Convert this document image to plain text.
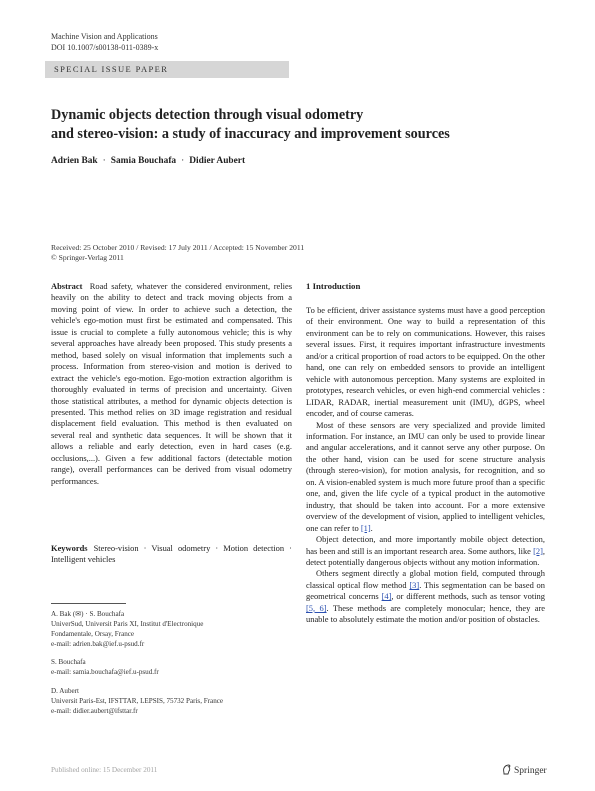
Machine Vision and Applications
DOI 10.1007/s00138-011-0389-x
SPECIAL ISSUE PAPER
Dynamic objects detection through visual odometry
and stereo-vision: a study of inaccuracy and improvement sources
Adrien Bak · Samia Bouchafa · Didier Aubert
Received: 25 October 2010 / Revised: 17 July 2011 / Accepted: 15 November 2011
© Springer-Verlag 2011

Abstract Road safety, whatever the considered environment, relies heavily on the ability to detect and track moving objects from a moving point of view. In order to achieve such a detection, the vehicle's ego-motion must first be estimated and compensated. This issue is crucial to complete a fully autonomous vehicle; this is why several approaches have already been proposed. This study presents a method, based solely on visual information that implements such a process. Information from stereo-vision and motion is derived to extract the vehicle's ego-motion. Ego-motion extraction algorithm is thoroughly evaluated in terms of precision and uncertainty. Given those statistical attributes, a method for dynamic objects detection is presented. This method relies on 3D image registration and residual displacement field evaluation. This method is then evaluated on several real and synthetic data sequences. It will be shown that it allows a reliable and early detection, even in hard cases (e.g. occlusions,...). Given a few additional factors (detectable motion range), overall performances can be derived from visual odometry performances.

Keywords Stereo-vision · Visual odometry · Motion detection · Intelligent vehicles

A. Bak (✉) · S. Bouchafa
UniverSud, Universit Paris XI, Institut d'Electronique
Fondamentale, Orsay, France
e-mail: adrien.bak@ief.u-psud.fr
S. Bouchafa
e-mail: samia.bouchafa@ief.u-psud.fr
D. Aubert
Universit Paris-Est, IFSTTAR, LEPSIS, 75732 Paris, France
e-mail: didier.aubert@ifsttar.fr
1 Introduction

To be efficient, driver assistance systems must have a good perception of their environment. One way to build a representation of this environment can be to rely on communications. However, this raises several issues. First, it requires important infrastructure investments and/or a critical proportion of road actors to be equipped. On the other hand, one can rely on embedded sensors to provide an intelligent vehicle with autonomous perception. Many systems are exploited in prototypes, research vehicles, or even high-end commercial vehicles : LIDAR, RADAR, inertial measurement unit (IMU), dGPS, wheel encoder, and of course cameras.

Most of these sensors are very specialized and provide limited information. For instance, an IMU can only be used to provide linear and angular accelerations, and it cannot serve any other purpose. On the other hand, vision can be used for scene structure analysis (through stereo-vision), for motion analysis, for recognition, and so on. A vision-enabled system is much more future proof than a specific one, and, given the life cycle of a typical product in the automotive industry, that should be taken into account. For a more extensive overview of the development of vision, applied to intelligent vehicles, one can refer to [1].

Object detection, and more importantly mobile object detection, has been and still is an important research area. Some authors, like [2], detect potentially dangerous objects without any motion information.

Others segment directly a global motion field, computed through classical optical flow method [3]. This segmentation can be based on geometrical concerns [4], or different methods, such as tensor voting [5, 6]. These methods are completely monocular; hence, they are unable to absolutely estimate the motion and/or position of obstacles.

Published online: 15 December 2011	Springer
